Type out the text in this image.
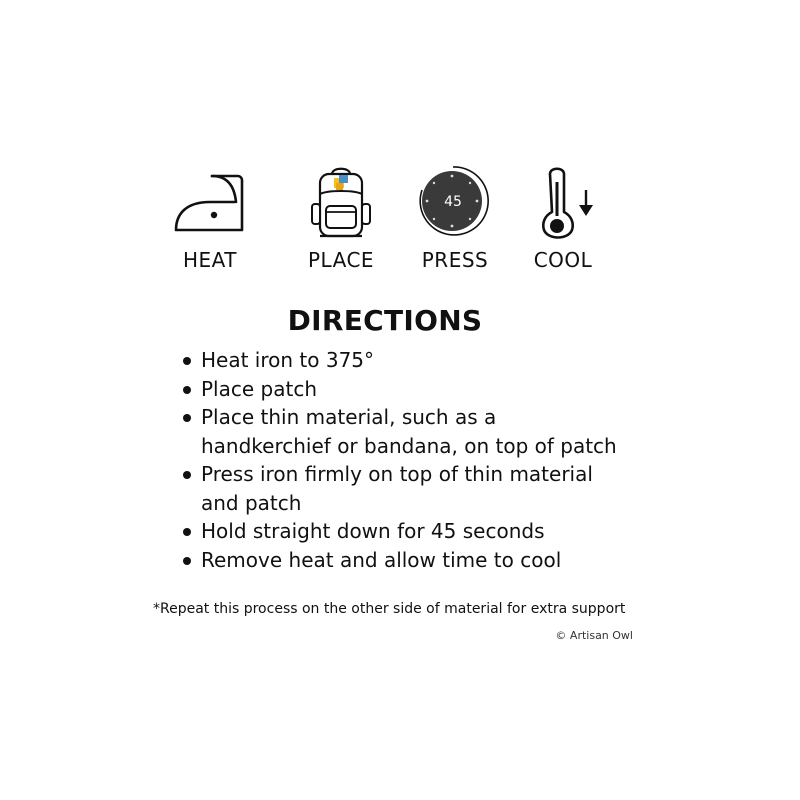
HEAT	PLACE
45
PRESS	COOL
DIRECTIONS
Heat iron to 375°
Place patch
Place thin material, such as a handkerchief or bandana, on top of patch
Press iron firmly on top of thin material and patch
Hold straight down for 45 seconds
Remove heat and allow time to cool
*Repeat this process on the other side of material for extra support
© Artisan Owl
